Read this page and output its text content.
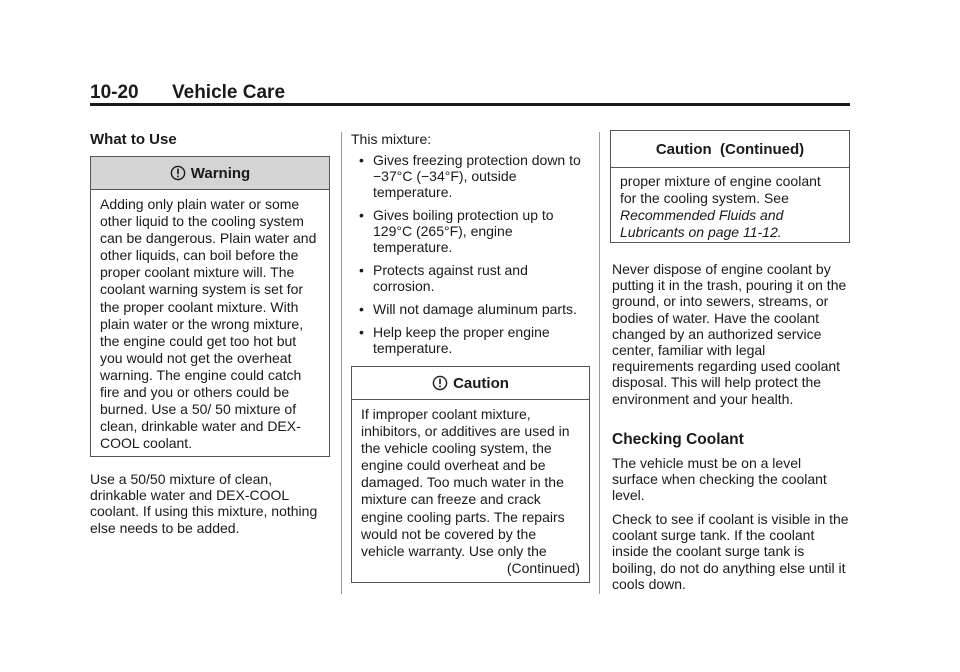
10-20 Vehicle Care
What to Use
Warning
Adding only plain water or some other liquid to the cooling system can be dangerous. Plain water and other liquids, can boil before the proper coolant mixture will. The coolant warning system is set for the proper coolant mixture. With plain water or the wrong mixture, the engine could get too hot but you would not get the overheat warning. The engine could catch fire and you or others could be burned. Use a 50/ 50 mixture of clean, drinkable water and DEX-COOL coolant.
Use a 50/50 mixture of clean, drinkable water and DEX-COOL coolant. If using this mixture, nothing else needs to be added.
This mixture:
• Gives freezing protection down to −37°C (−34°F), outside temperature.
• Gives boiling protection up to 129°C (265°F), engine temperature.
• Protects against rust and corrosion.
• Will not damage aluminum parts.
• Help keep the proper engine temperature.
Caution
If improper coolant mixture, inhibitors, or additives are used in the vehicle cooling system, the engine could overheat and be damaged. Too much water in the mixture can freeze and crack engine cooling parts. The repairs would not be covered by the vehicle warranty. Use only the
(Continued)
Caution  (Continued)
proper mixture of engine coolant for the cooling system. See Recommended Fluids and Lubricants on page 11-12.
Never dispose of engine coolant by putting it in the trash, pouring it on the ground, or into sewers, streams, or bodies of water. Have the coolant changed by an authorized service center, familiar with legal requirements regarding used coolant disposal. This will help protect the environment and your health.
Checking Coolant
The vehicle must be on a level surface when checking the coolant level.
Check to see if coolant is visible in the coolant surge tank. If the coolant inside the coolant surge tank is boiling, do not do anything else until it cools down.
